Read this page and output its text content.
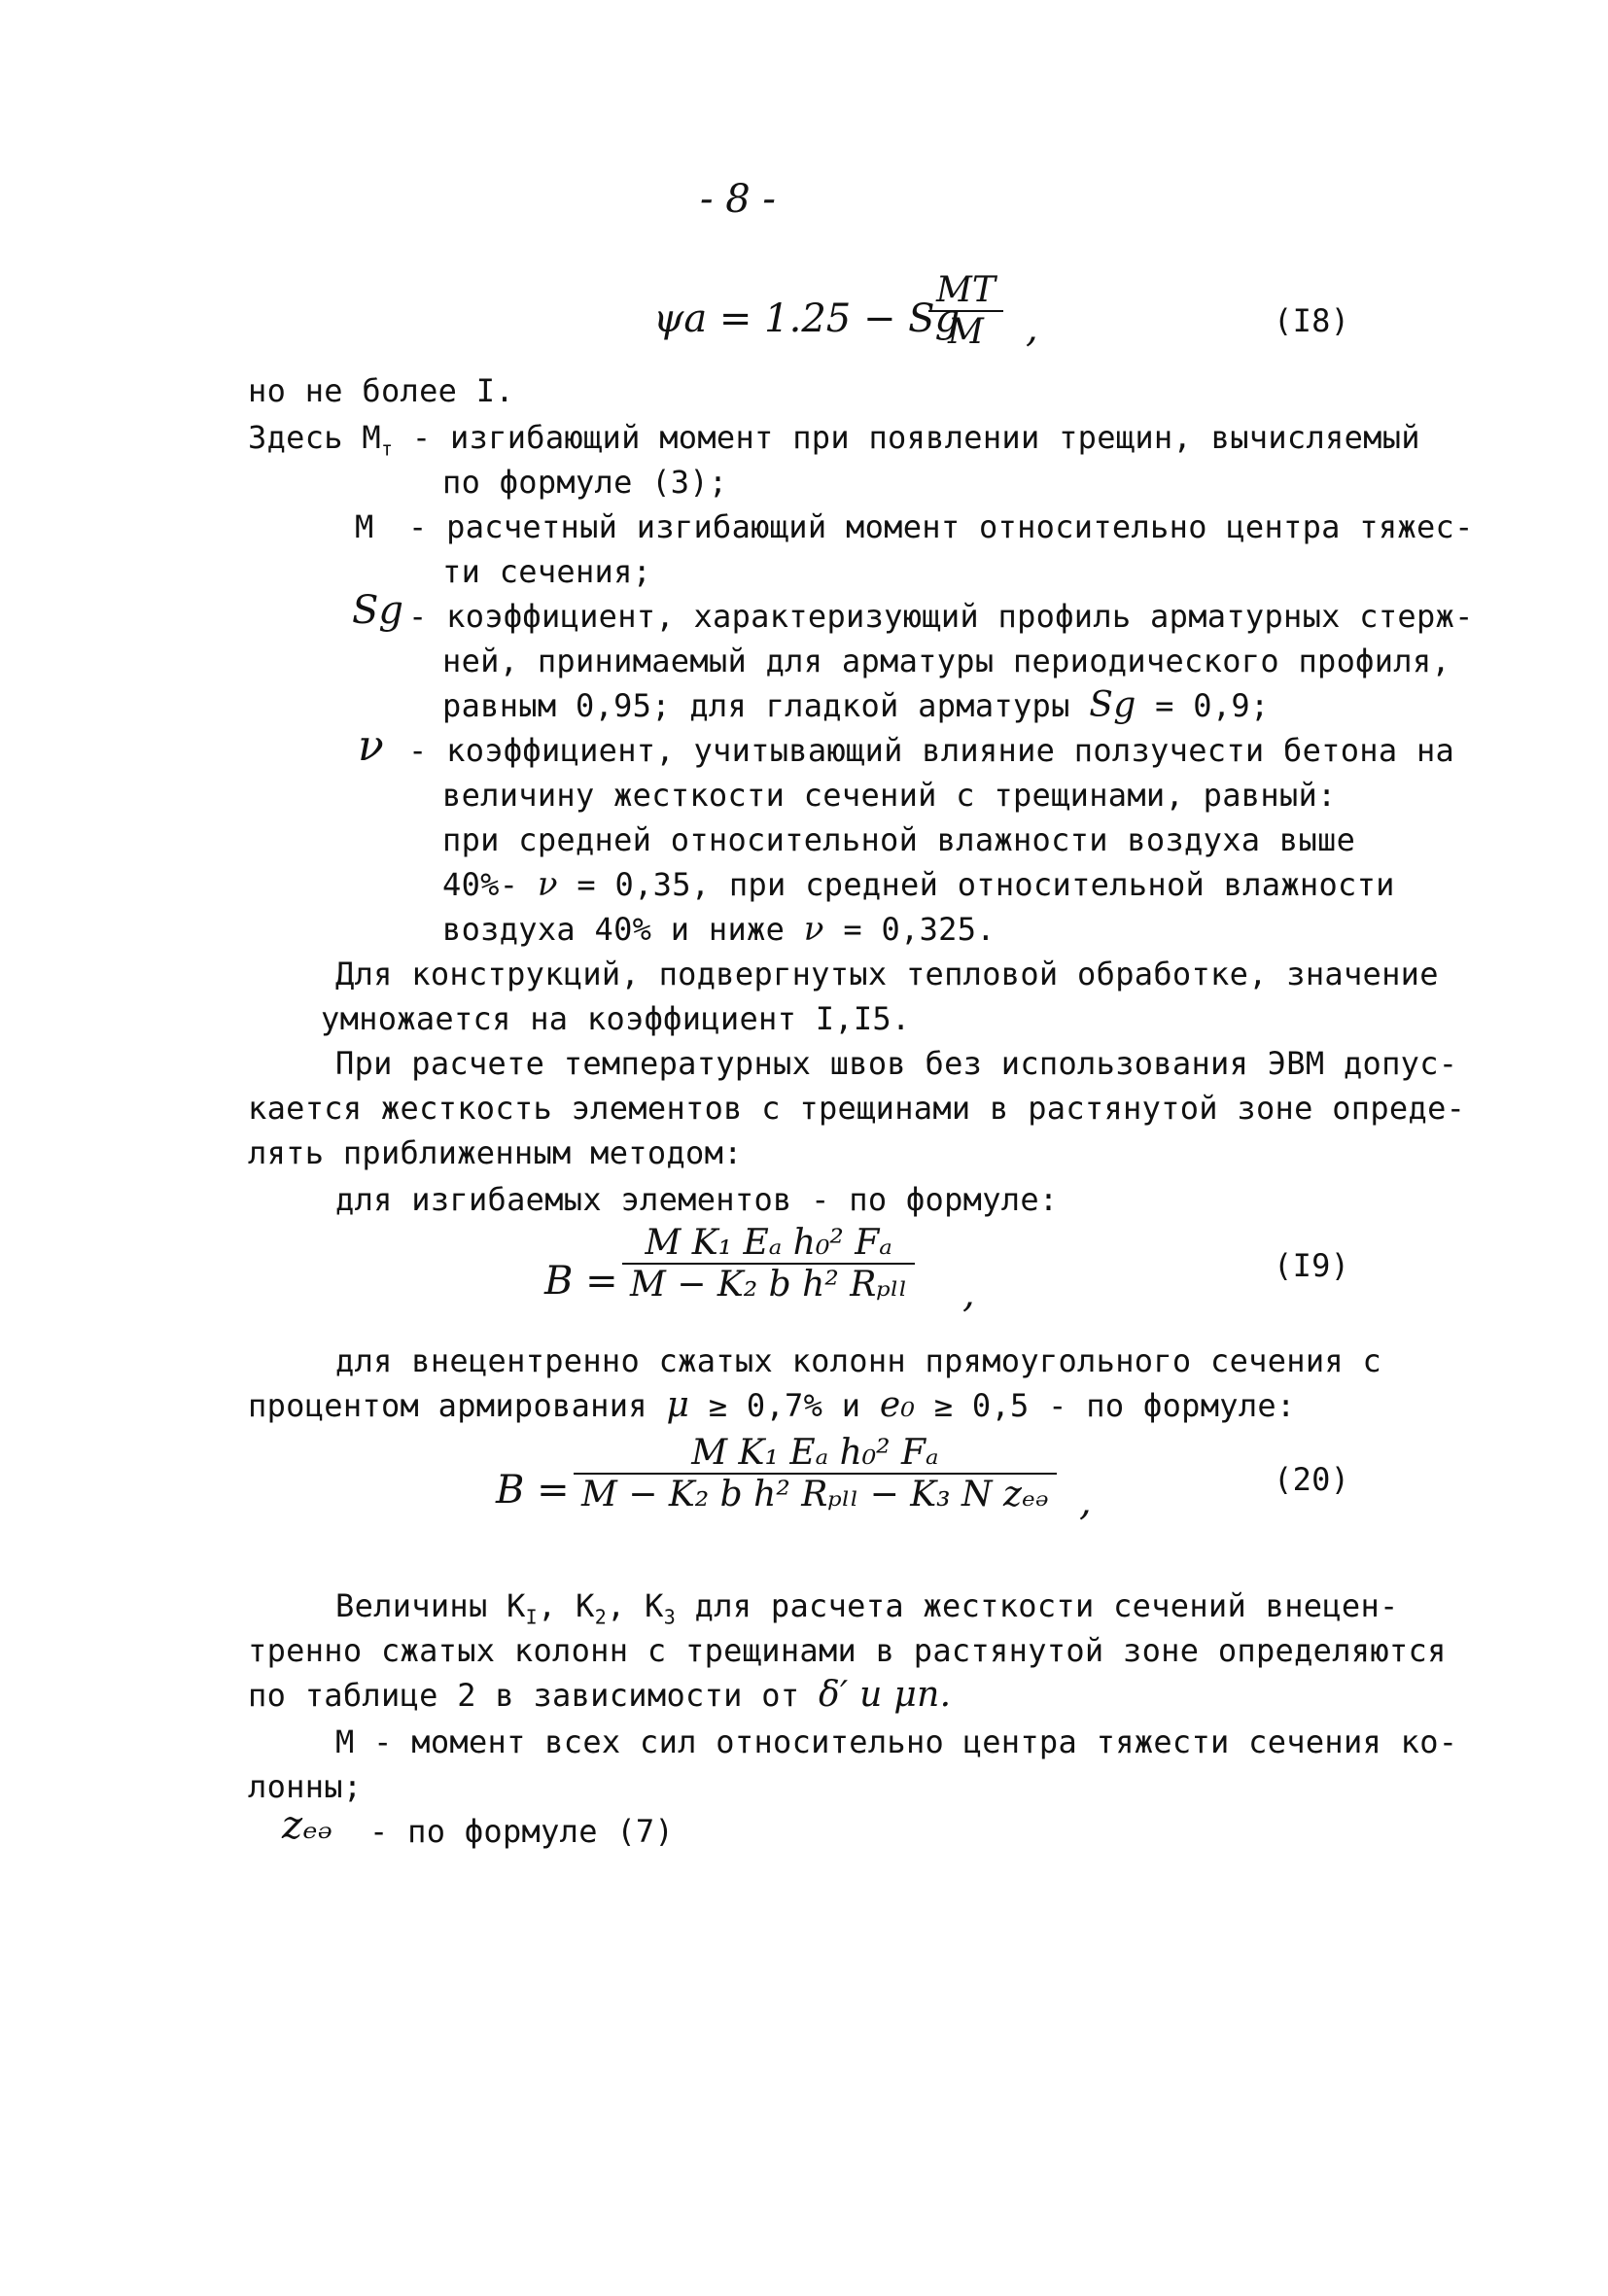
- 8 -
ψa = 1.25 − Sg
$\frac{MT}{M}$ ,	(I8)
но не более I.
Здесь $M_т$ - изгибающий момент при появлении трещин, вычисляемый
по формуле (3);
M - расчетный изгибающий момент относительно центра тяжес-
ти сечения;
Sg - коэффициент, характеризующий профиль арматурных стерж-
ней, принимаемый для арматуры периодического профиля,
равным 0,95; для гладкой арматуры Sg = 0,9;
ν - коэффициент, учитывающий влияние ползучести бетона на
величину жесткости сечений с трещинами, равный:
при средней относительной влажности воздуха выше
40%- ν = 0,35, при средней относительной влажности
воздуха 40% и ниже ν = 0,325.
Для конструкций, подвергнутых тепловой обработке, значение
умножается на коэффициент I,I5.
При расчете температурных швов без использования ЭВМ допус-
кается жесткость элементов с трещинами в растянутой зоне опреде-
лять приближенным методом:
для изгибаемых элементов - по формуле:
B =
M K₁ Eₐ h₀² Fₐ
M − K₂ b h² Rₚₗₗ ,
(I9)
для внецентренно сжатых колонн прямоугольного сечения с
процентом армирования μ ≥ 0,7% и e₀ ≥ 0,5 - по формуле:
B =
M K₁ Eₐ h₀² Fₐ
M − K₂ b h² Rₚₗₗ − K₃ N zₑₔ ,	(20)
Величины $K_I$, $K_2$, $K_3$ для расчета жесткости сечений внецен-
тренно сжатых колонн с трещинами в растянутой зоне определяются
по таблице 2 в зависимости от δ′ и μn.
M - момент всех сил относительно центра тяжести сечения ко-
лонны;
zₑₔ - по формуле (7)
